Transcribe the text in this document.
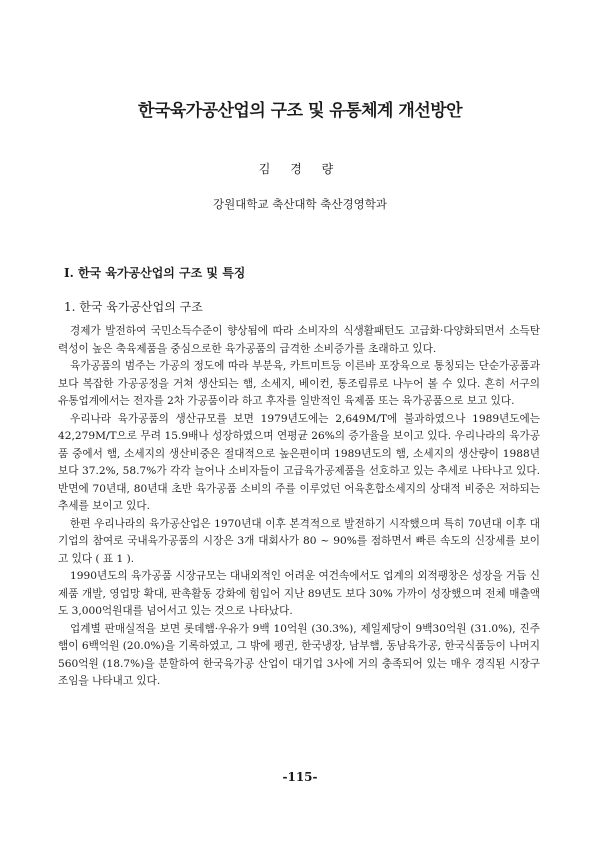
한국육가공산업의 구조 및 유통체계 개선방안
김 경 량
강원대학교 축산대학 축산경영학과
I. 한국 육가공산업의 구조 및 특징
1. 한국 육가공산업의 구조

경제가 발전하여 국민소득수준이 향상됨에 따라 소비자의 식생활패턴도 고급화·다양화되면서 소득탄력성이 높은 축육제품을 중심으로한 육가공품의 급격한 소비증가를 초래하고 있다.

육가공품의 범주는 가공의 정도에 따라 부분육, 카트미트등 이른바 포장육으로 통칭되는 단순가공품과 보다 복잡한 가공공정을 거쳐 생산되는 햄, 소세지, 베이컨, 통조림류로 나누어 볼 수 있다. 흔히 서구의 유통업계에서는 전자를 2차 가공품이라 하고 후자를 일반적인 육제품 또는 육가공품으로 보고 있다.

우리나라 육가공품의 생산규모를 보면 1979년도에는 2,649M/T에 불과하였으나 1989년도에는 42,279M/T으로 무려 15.9배나 성장하였으며 연평균 26%의 증가율을 보이고 있다. 우리나라의 육가공품 중에서 햄, 소세지의 생산비중은 절대적으로 높은편이며 1989년도의 햄, 소세지의 생산량이 1988년 보다 37.2%, 58.7%가 각각 늘어나 소비자들이 고급육가공제품을 선호하고 있는 추세로 나타나고 있다. 반면에 70년대, 80년대 초반 육가공품 소비의 주를 이루었던 어육혼합소세지의 상대적 비중은 저하되는 추세를 보이고 있다.

한편 우리나라의 육가공산업은 1970년대 이후 본격적으로 발전하기 시작했으며 특히 70년대 이후 대기업의 참여로 국내육가공품의 시장은 3개 대회사가 80 ~ 90%를 점하면서 빠른 속도의 신장세를 보이고 있다 ( 표 1 ).

1990년도의 육가공품 시장규모는 대내외적인 어려운 여건속에서도 업계의 외적팽창은 성장을 거듭 신제품 개발, 영업망 확대, 판촉활동 강화에 힘입어 지난 89년도 보다 30% 가까이 성장했으며 전체 매출액도 3,000억원대를 넘어서고 있는 것으로 나타났다.

업계별 판매실적을 보면 롯데햄·우유가 9백 10억원 (30.3%), 제일제당이 9백30억원 (31.0%), 진주햄이 6백억원 (20.0%)을 기록하였고, 그 밖에 펭귄, 한국냉장, 남부햄, 동남육가공, 한국식품등이 나머지 560억원 (18.7%)을 분할하여 한국육가공 산업이 대기업 3사에 거의 충족되어 있는 매우 경직된 시장구조임을 나타내고 있다.

-115-
